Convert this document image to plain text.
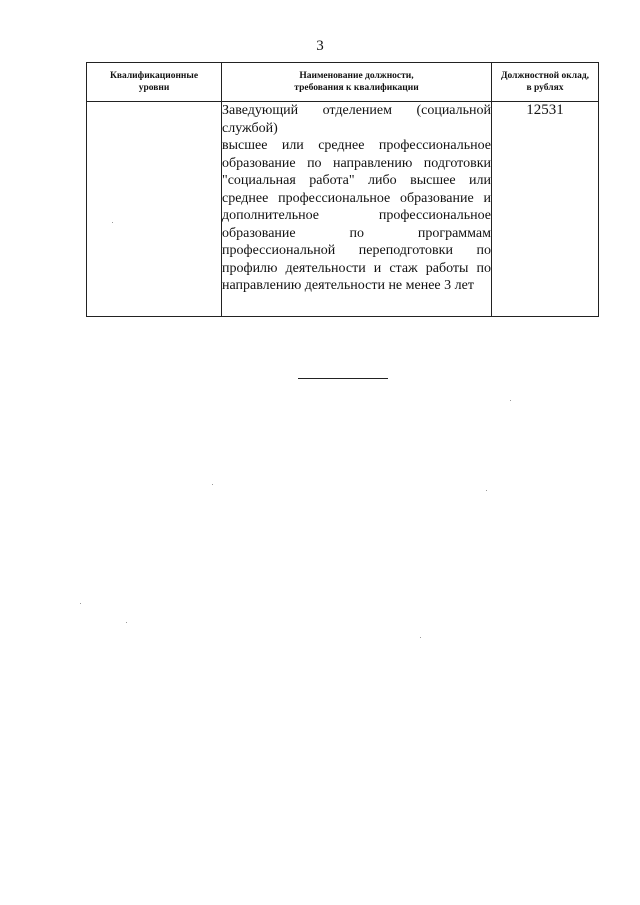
3
Квалификационные
уровни	Наименование должности,
требования к квалификации	Должностной оклад,
в рублях

	Заведующий отделением (социальной службой)
высшее или среднее профессиональное образование по направлению подготовки "социальная работа" либо высшее или среднее профессиональное образование и дополнительное профессиональное образование по программам профессиональной переподготовки по профилю деятельности и стаж работы по направлению деятельности не менее 3 лет	12531
